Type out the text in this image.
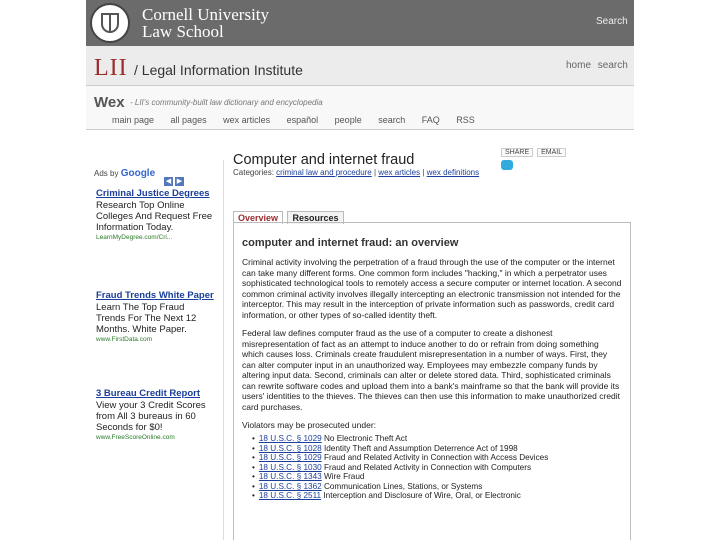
Cornell University
Law School
Search
LII / Legal Information Institute	home search
Wex - LII's community-built law dictionary and encyclopedia
main page all pages wex articles español people search FAQ RSS
Ads by Google
◀ ▶
Criminal Justice Degrees
Research Top Online Colleges And Request Free Information Today.
LearnMyDegree.com/Cri...
Fraud Trends White Paper
Learn The Top Fraud Trends For The Next 12 Months. White Paper.
www.FirstData.com
3 Bureau Credit Report
View your 3 Credit Scores from All 3 bureaus in 60 Seconds for $0!
www.FreeScoreOnline.com
Computer and internet fraud	SHARE EMAIL
Categories: criminal law and procedure | wex articles | wex definitions
Overview Resources
computer and internet fraud: an overview

Criminal activity involving the perpetration of a fraud through the use of the computer or the internet can take many different forms. One common form includes "hacking," in which a perpetrator uses sophisticated technological tools to remotely access a secure computer or internet location. A second common criminal activity involves illegally intercepting an electronic transmission not intended for the interceptor. This may result in the interception of private information such as passwords, credit card information, or other types of so-called identity theft.

Federal law defines computer fraud as the use of a computer to create a dishonest misrepresentation of fact as an attempt to induce another to do or refrain from doing something which causes loss. Criminals create fraudulent misrepresentation in a number of ways. First, they can alter computer input in an unauthorized way. Employees may embezzle company funds by altering input data. Second, criminals can alter or delete stored data. Third, sophisticated criminals can rewrite software codes and upload them into a bank's mainframe so that the bank will provide its users' identities to the thieves. The thieves can then use this information to make unauthorized credit card purchases.

Violators may be prosecuted under:
• 18 U.S.C. § 1029 No Electronic Theft Act
• 18 U.S.C. § 1028 Identity Theft and Assumption Deterrence Act of 1998
• 18 U.S.C. § 1029 Fraud and Related Activity in Connection with Access Devices
• 18 U.S.C. § 1030 Fraud and Related Activity in Connection with Computers
• 18 U.S.C. § 1343 Wire Fraud
• 18 U.S.C. § 1362 Communication Lines, Stations, or Systems
• 18 U.S.C. § 2511 Interception and Disclosure of Wire, Oral, or Electronic
